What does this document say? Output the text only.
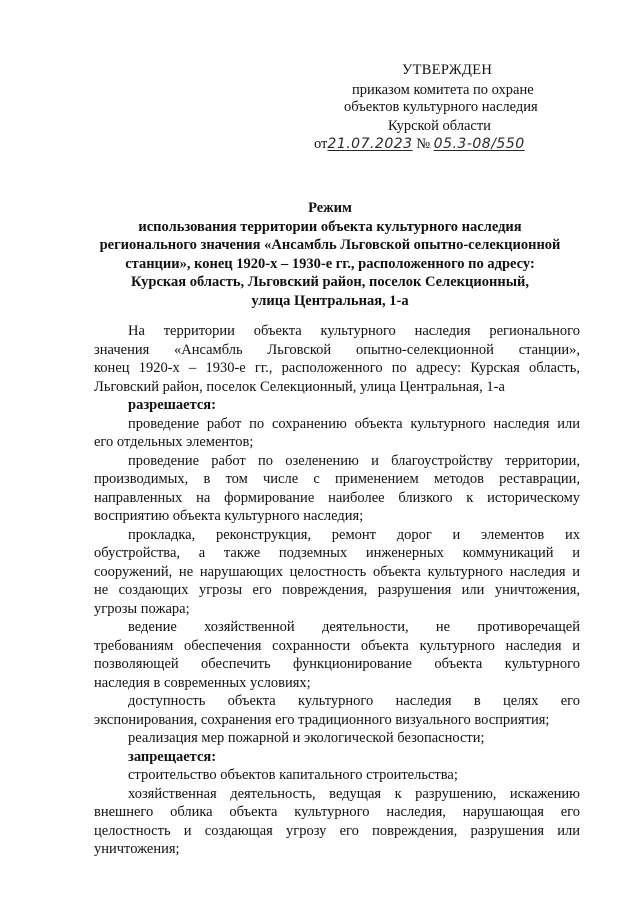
УТВЕРЖДЕН
приказом комитета по охране
объектов культурного наследия
Курской области
от21.07.2023 № 05.3-08/550
Режим
использования территории объекта культурного наследия
регионального значения «Ансамбль Льговской опытно-селекционной
станции», конец 1920-х – 1930-е гг., расположенного по адресу:
Курская область, Льговский район, поселок Селекционный,
улица Центральная, 1-а
На территории объекта культурного наследия регионального
значения «Ансамбль Льговской опытно-селекционной станции»,
конец 1920-х – 1930-е гг., расположенного по адресу: Курская область,
Льговский район, поселок Селекционный, улица Центральная, 1-а
разрешается:
проведение работ по сохранению объекта культурного наследия или
его отдельных элементов;
проведение работ по озеленению и благоустройству территории,
производимых, в том числе с применением методов реставрации,
направленных на формирование наиболее близкого к историческому
восприятию объекта культурного наследия;
прокладка, реконструкция, ремонт дорог и элементов их
обустройства, а также подземных инженерных коммуникаций и
сооружений, не нарушающих целостность объекта культурного наследия и
не создающих угрозы его повреждения, разрушения или уничтожения,
угрозы пожара;
ведение хозяйственной деятельности, не противоречащей
требованиям обеспечения сохранности объекта культурного наследия и
позволяющей обеспечить функционирование объекта культурного
наследия в современных условиях;
доступность объекта культурного наследия в целях его
экспонирования, сохранения его традиционного визуального восприятия;
реализация мер пожарной и экологической безопасности;
запрещается:
строительство объектов капитального строительства;
хозяйственная деятельность, ведущая к разрушению, искажению
внешнего облика объекта культурного наследия, нарушающая его
целостность и создающая угрозу его повреждения, разрушения или
уничтожения;
